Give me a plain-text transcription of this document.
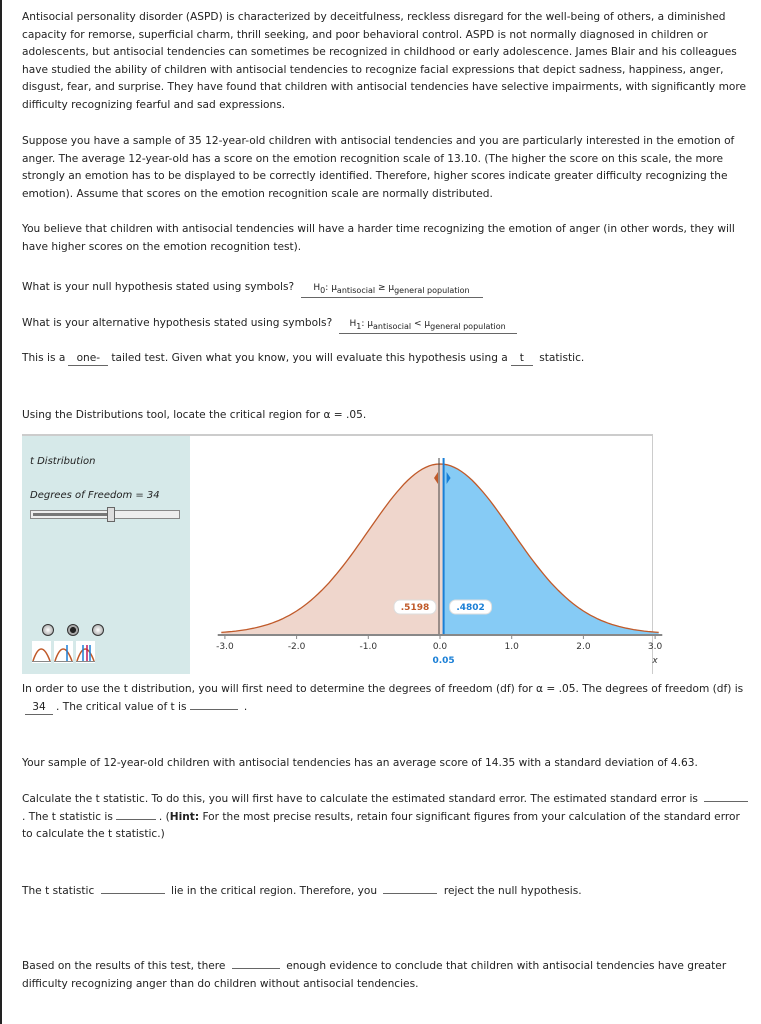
Antisocial personality disorder (ASPD) is characterized by deceitfulness, reckless disregard for the well-being of others, a diminished capacity for remorse, superficial charm, thrill seeking, and poor behavioral control. ASPD is not normally diagnosed in children or adolescents, but antisocial tendencies can sometimes be recognized in childhood or early adolescence. James Blair and his colleagues have studied the ability of children with antisocial tendencies to recognize facial expressions that depict sadness, happiness, anger, disgust, fear, and surprise. They have found that children with antisocial tendencies have selective impairments, with significantly more difficulty recognizing fearful and sad expressions.

Suppose you have a sample of 35 12-year-old children with antisocial tendencies and you are particularly interested in the emotion of anger. The average 12-year-old has a score on the emotion recognition scale of 13.10. (The higher the score on this scale, the more strongly an emotion has to be displayed to be correctly identified. Therefore, higher scores indicate greater difficulty recognizing the emotion). Assume that scores on the emotion recognition scale are normally distributed.

You believe that children with antisocial tendencies will have a harder time recognizing the emotion of anger (in other words, they will have higher scores on the emotion recognition test).

What is your null hypothesis stated using symbols? $H_0$: $\mu_{antisocial} \ge \mu_{general population}$

What is your alternative hypothesis stated using symbols? $H_1$: $\mu_{antisocial} < \mu_{general population}$

This is a one- tailed test. Given what you know, you will evaluate this hypothesis using a t statistic.

Using the Distributions tool, locate the critical region for α = .05.

t Distribution
Degrees of Freedom = 34
-3.0	-2.0	-1.0	0.0	1.0	2.0	3.0
.5198	.4802
0.05	x

In order to use the t distribution, you will first need to determine the degrees of freedom (df) for α = .05. The degrees of freedom (df) is 34 . The critical value of t is	.

Your sample of 12-year-old children with antisocial tendencies has an average score of 14.35 with a standard deviation of 4.63.

Calculate the t statistic. To do this, you will first have to calculate the estimated standard error. The estimated standard error is . The t statistic is	. (Hint: For the most precise results, retain four significant figures from your calculation of the standard error to calculate the t statistic.)

The t statistic	lie in the critical region. Therefore, you	reject the null hypothesis.

Based on the results of this test, there	enough evidence to conclude that children with antisocial tendencies have greater difficulty recognizing anger than do children without antisocial tendencies.
